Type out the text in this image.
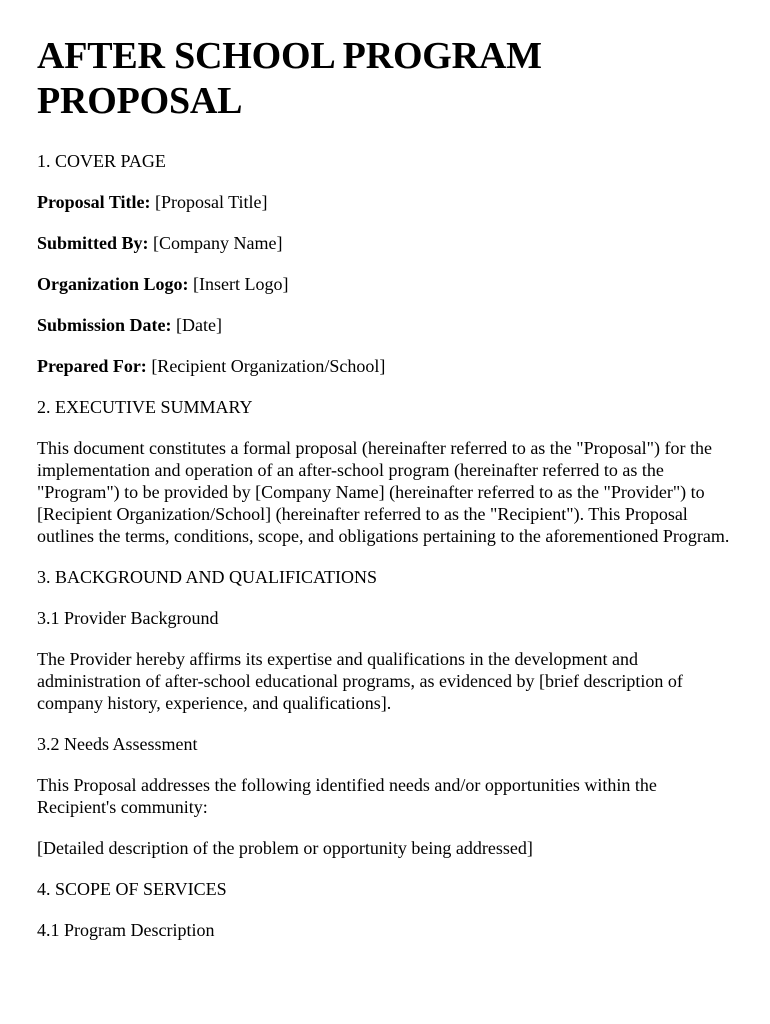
AFTER SCHOOL PROGRAM PROPOSAL

1. COVER PAGE

Proposal Title: [Proposal Title]

Submitted By: [Company Name]

Organization Logo: [Insert Logo]

Submission Date: [Date]

Prepared For: [Recipient Organization/School]

2. EXECUTIVE SUMMARY

This document constitutes a formal proposal (hereinafter referred to as the "Proposal") for the implementation and operation of an after-school program (hereinafter referred to as the "Program") to be provided by [Company Name] (hereinafter referred to as the "Provider") to [Recipient Organization/School] (hereinafter referred to as the "Recipient"). This Proposal outlines the terms, conditions, scope, and obligations pertaining to the aforementioned Program.

3. BACKGROUND AND QUALIFICATIONS

3.1 Provider Background

The Provider hereby affirms its expertise and qualifications in the development and administration of after-school educational programs, as evidenced by [brief description of company history, experience, and qualifications].

3.2 Needs Assessment

This Proposal addresses the following identified needs and/or opportunities within the Recipient's community:

[Detailed description of the problem or opportunity being addressed]

4. SCOPE OF SERVICES

4.1 Program Description
